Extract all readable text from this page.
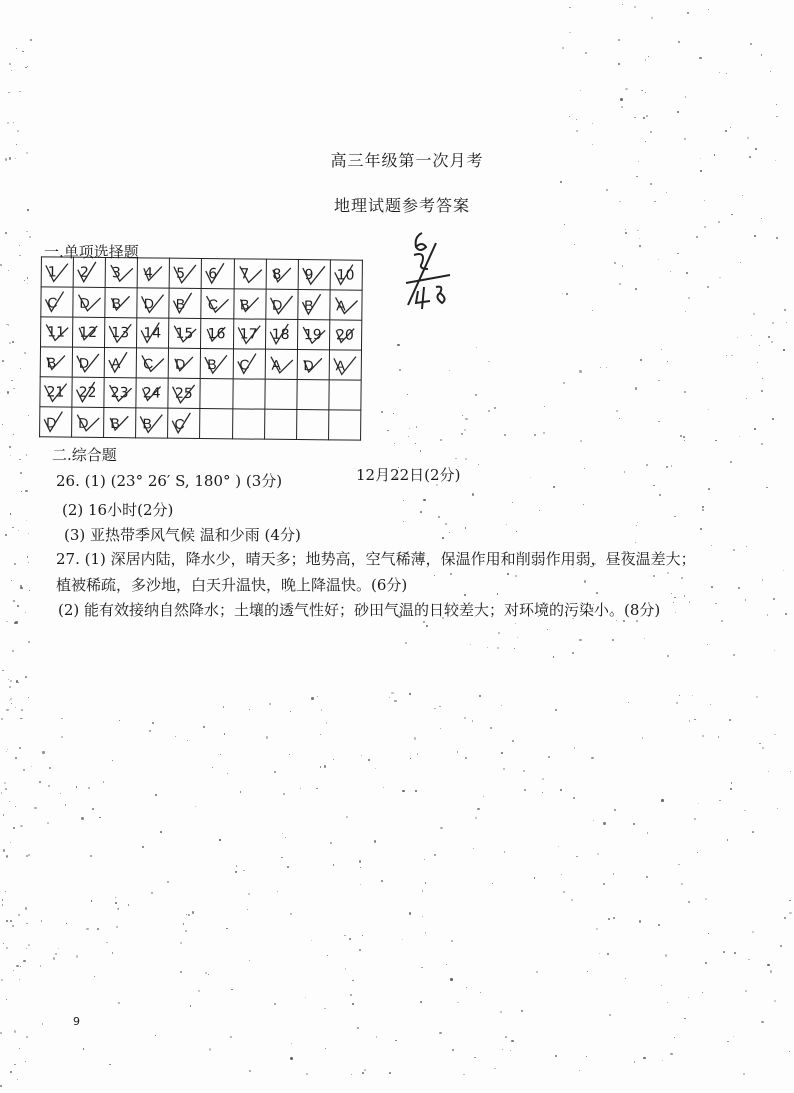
高三年级第一次月考
地理试题参考答案
一.单项选择题
1	2	3	4	5	6	7	8	9	10

C	D	B	D	B	C	B	D	B	A

11	12	13	14	15	16	17	18	19	20

B	D	A	C	D	B	C	A	D	A

21	22	23	24	25

D	D	B	B	C

二.综合题
26. (1) (23° 26′ S, 180° ) (3分)	12月22日(2分)
(2) 16小时(2分)
(3) 亚热带季风气候 温和少雨 (4分)
27. (1) 深居内陆，降水少，晴天多；地势高，空气稀薄，保温作用和削弱作用弱，昼夜温差大；植被稀疏，多沙地，白天升温快，晚上降温快。(6分)
(2) 能有效接纳自然降水；土壤的透气性好；砂田气温的日较差大；对环境的污染小。(8分)
9
